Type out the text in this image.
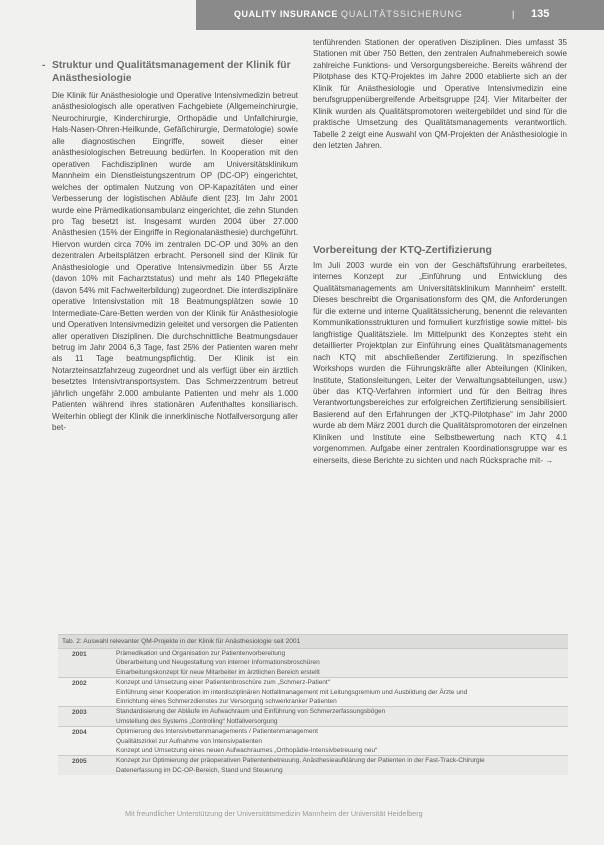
QUALITY INSURANCE QUALITÄTSSICHERUNG	| 135
- Struktur und Qualitätsmanagement der Klinik für Anästhesiologie

Die Klinik für Anästhesiologie und Operative Intensivmedizin betreut anästhesiologisch alle operativen Fachgebiete (Allgemeinchirurgie, Neurochirurgie, Kinderchirurgie, Orthopädie und Unfallchirurgie, Hals-Nasen-Ohren-Heilkunde, Gefäßchirurgie, Dermatologie) sowie alle diagnostischen Eingriffe, soweit dieser einer anästhesiologischen Betreuung bedürfen. In Kooperation mit den operativen Fachdisziplinen wurde am Universitätsklinikum Mannheim ein Dienstleistungszentrum OP (DC-OP) eingerichtet, welches der optimalen Nutzung von OP-Kapazitäten und einer Verbesserung der logistischen Abläufe dient [23]. Im Jahr 2001 wurde eine Prämedikationsambulanz eingerichtet, die zehn Stunden pro Tag besetzt ist. Insgesamt wurden 2004 über 27.000 Anästhesien (15% der Eingriffe in Regionalanästhesie) durchgeführt. Hiervon wurden circa 70% im zentralen DC-OP und 30% an den dezentralen Arbeitsplätzen erbracht. Personell sind der Klinik für Anästhesiologie und Operative Intensivmedizin über 55 Ärzte (davon 10% mit Facharztstatus) und mehr als 140 Pflegekräfte (davon 54% mit Fachweiterbildung) zugeordnet. Die interdisziplinäre operative Intensivstation mit 18 Beatmungsplätzen sowie 10 Intermediate-Care-Betten werden von der Klinik für Anästhesiologie und Operativen Intensivmedizin geleitet und versorgen die Patienten aller operativen Disziplinen. Die durchschnittliche Beatmungsdauer betrug im Jahr 2004 6,3 Tage, fast 25% der Patienten waren mehr als 11 Tage beatmungspflichtig. Der Klinik ist ein Notarzteinsatzfahrzeug zugeordnet und als verfügt über ein ärztlich besetztes Intensivtransportsystem. Das Schmerzzentrum betreut jährlich ungefähr 2.000 ambulante Patienten und mehr als 1.000 Patienten während ihres stationären Aufenthaltes konsiliarisch. Weiterhin obliegt der Klinik die innerklinische Notfallversorgung aller bet-

tenführenden Stationen der operativen Disziplinen. Dies umfasst 35 Stationen mit über 750 Betten, den zentralen Aufnahmebereich sowie zahlreiche Funktions- und Versorgungsbereiche. Bereits während der Pilotphase des KTQ-Projektes im Jahre 2000 etablierte sich an der Klinik für Anästhesiologie und Operative Intensivmedizin eine berufsgruppenübergreifende Arbeitsgruppe [24]. Vier Mitarbeiter der Klinik wurden als Qualitätspromotoren weitergebildet und sind für die praktische Umsetzung des Qualitätsmanagements verantwortlich. Tabelle 2 zeigt eine Auswahl von QM-Projekten der Anästhesiologie in den letzten Jahren.

Vorbereitung der KTQ-Zertifizierung

Im Juli 2003 wurde ein von der Geschäftsführung erarbeitetes, internes Konzept zur „Einführung und Entwicklung des Qualitätsmanagements am Universitätsklinikum Mannheim“ erstellt. Dieses beschreibt die Organisationsform des QM, die Anforderungen für die externe und interne Qualitätssicherung, benennt die relevanten Kommunikationsstrukturen und formuliert kurzfristige sowie mittel- bis langfristige Qualitätsziele. Im Mittelpunkt des Konzeptes steht ein detaillierter Projektplan zur Einführung eines Qualitätsmanagements nach KTQ mit abschließender Zertifizierung. In spezifischen Workshops wurden die Führungskräfte aller Abteilungen (Kliniken, Institute, Stationsleitungen, Leiter der Verwaltungsabteilungen, usw.) über das KTQ-Verfahren informiert und für den Beitrag ihres Verantwortungsbereiches zur erfolgreichen Zertifizierung sensibilisiert. Basierend auf den Erfahrungen der „KTQ-Pilotphase“ im Jahr 2000 wurde ab dem März 2001 durch die Qualitätspromotoren der einzelnen Kliniken und Institute eine Selbstbewertung nach KTQ 4.1 vorgenommen. Aufgabe einer zentralen Koordinationsgruppe war es einerseits, diese Berichte zu sichten und nach Rücksprache mit- →

Tab. 2: Auswahl relevanter QM-Projekte in der Klinik für Anästhesiologie seit 2001
2001	Prämedikation und Organisation zur Patientenvorbereitung
Überarbeitung und Neugestaltung von interner Informationsbroschüren
Einarbeitungskonzept für neue Mitarbeiter im ärztlichen Bereich erstellt
2002	Konzept und Umsetzung einer Patientenbroschüre zum „Schmerz-Patient“
Einführung einer Kooperation im interdisziplinären Notfallmanagement mit Leitungsgremium und Ausbildung der Ärzte und
Einrichtung eines Schmerzdienstes zur Versorgung schwerkranker Patienten
2003	Standardisierung der Abläufe im Aufwachraum und Einführung von Schmerzerfassungsbögen
Umstellung des Systems „Controlling“ Notfallversorgung
2004	Optimierung des Intensivbettenmanagements / Patientenmanagement
Qualitätszirkel zur Aufnahme von Intensivpatienten
Konzept und Umsetzung eines neuen Aufwachraumes „Orthopädie-Intensivbetreuung neu“
2005	Konzept zur Optimierung der präoperativen Patientenbetreuung, Anästhesieaufklärung der Patienten in der Fast-Track-Chirurgie
Datenerfassung im DC-OP-Bereich, Stand und Steuerung
Mit freundlicher Unterstützung der Universitätsmedizin Mannheim der Universität Heidelberg
